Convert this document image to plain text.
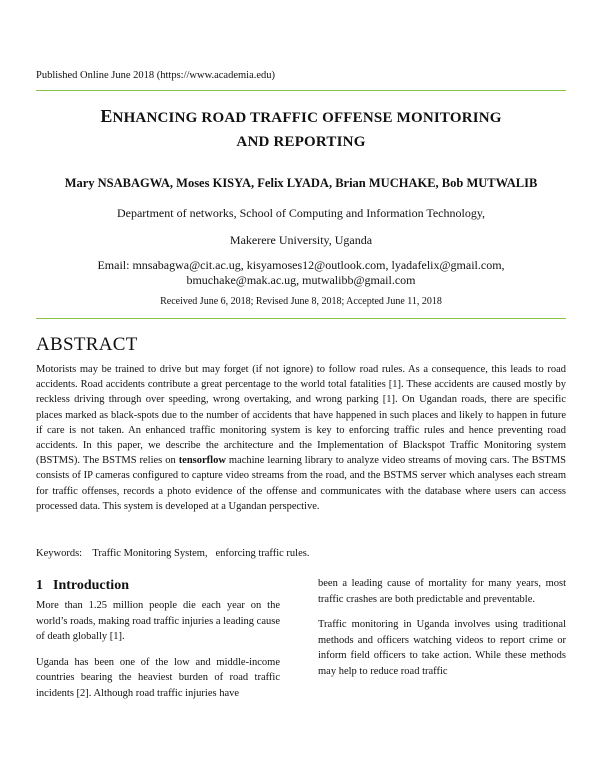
Published Online June 2018 (https://www.academia.edu)
ENHANCING ROAD TRAFFIC OFFENSE MONITORING
AND REPORTING
Mary NSABAGWA, Moses KISYA, Felix LYADA, Brian MUCHAKE, Bob MUTWALIB
Department of networks, School of Computing and Information Technology,
Makerere University, Uganda
Email: mnsabagwa@cit.ac.ug, kisyamoses12@outlook.com, lyadafelix@gmail.com,
bmuchake@mak.ac.ug, mutwalibb@gmail.com
Received June 6, 2018; Revised June 8, 2018; Accepted June 11, 2018
ABSTRACT
Motorists may be trained to drive but may forget (if not ignore) to follow road rules. As a consequence, this leads to road accidents. Road accidents contribute a great percentage to the world total fatalities [1]. These accidents are caused mostly by reckless driving through over speeding, wrong overtaking, and wrong parking [1]. On Ugandan roads, there are specific places marked as black-spots due to the number of accidents that have happened in such places and likely to happen in future if care is not taken. An enhanced traffic monitoring system is key to enforcing traffic rules and hence preventing road accidents. In this paper, we describe the architecture and the Implementation of Blackspot Traffic Monitoring system (BSTMS). The BSTMS relies on tensorflow machine learning library to analyze video streams of moving cars. The BSTMS consists of IP cameras configured to capture video streams from the road, and the BSTMS server which analyses each stream for traffic offenses, records a photo evidence of the offense and communicates with the database where users can access processed data. This system is developed at a Ugandan perspective.
Keywords:    Traffic Monitoring System,   enforcing traffic rules.
1 Introduction

More than 1.25 million people die each year on the world’s roads, making road traffic injuries a leading cause of death globally [1].

Uganda has been one of the low and middle-income countries bearing the heaviest burden of road traffic incidents [2]. Although road traffic injuries have

been a leading cause of mortality for many years, most traffic crashes are both predictable and preventable.

Traffic monitoring in Uganda involves using traditional methods and officers watching videos to report crime or inform field officers to take action. While these methods may help to reduce road traffic
